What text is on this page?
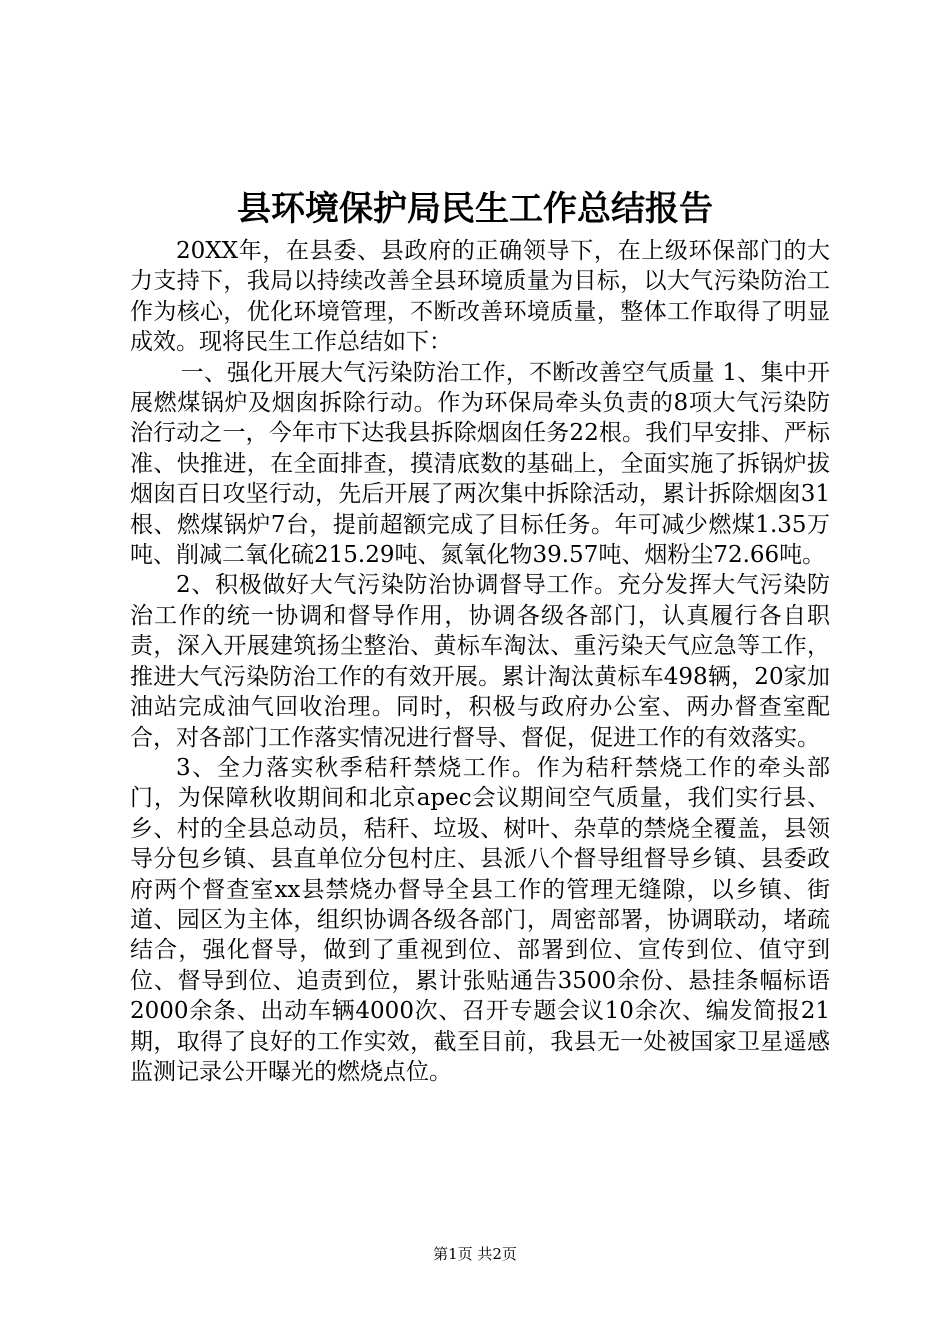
县环境保护局民生工作总结报告

20XX年，在县委、县政府的正确领导下，在上级环保部门的大力支持下，我局以持续改善全县环境质量为目标，以大气污染防治工作为核心，优化环境管理，不断改善环境质量，整体工作取得了明显成效。现将民生工作总结如下：

一、强化开展大气污染防治工作，不断改善空气质量 1、集中开展燃煤锅炉及烟囱拆除行动。作为环保局牵头负责的8项大气污染防治行动之一，今年市下达我县拆除烟囱任务22根。我们早安排、严标准、快推进，在全面排查，摸清底数的基础上，全面实施了拆锅炉拔烟囱百日攻坚行动，先后开展了两次集中拆除活动，累计拆除烟囱31根、燃煤锅炉7台，提前超额完成了目标任务。年可减少燃煤1.35万吨、削减二氧化硫215.29吨、氮氧化物39.57吨、烟粉尘72.66吨。

2、积极做好大气污染防治协调督导工作。充分发挥大气污染防治工作的统一协调和督导作用，协调各级各部门，认真履行各自职责，深入开展建筑扬尘整治、黄标车淘汰、重污染天气应急等工作，推进大气污染防治工作的有效开展。累计淘汰黄标车498辆，20家加油站完成油气回收治理。同时，积极与政府办公室、两办督查室配合，对各部门工作落实情况进行督导、督促，促进工作的有效落实。

3、全力落实秋季秸秆禁烧工作。作为秸秆禁烧工作的牵头部门，为保障秋收期间和北京apec会议期间空气质量，我们实行县、乡、村的全县总动员，秸秆、垃圾、树叶、杂草的禁烧全覆盖，县领导分包乡镇、县直单位分包村庄、县派八个督导组督导乡镇、县委政府两个督查室xx县禁烧办督导全县工作的管理无缝隙，以乡镇、街道、园区为主体，组织协调各级各部门，周密部署，协调联动，堵疏结合，强化督导，做到了重视到位、部署到位、宣传到位、值守到位、督导到位、追责到位，累计张贴通告3500余份、悬挂条幅标语2000余条、出动车辆4000次、召开专题会议10余次、编发简报21期，取得了良好的工作实效，截至目前，我县无一处被国家卫星遥感监测记录公开曝光的燃烧点位。

第1页 共2页
